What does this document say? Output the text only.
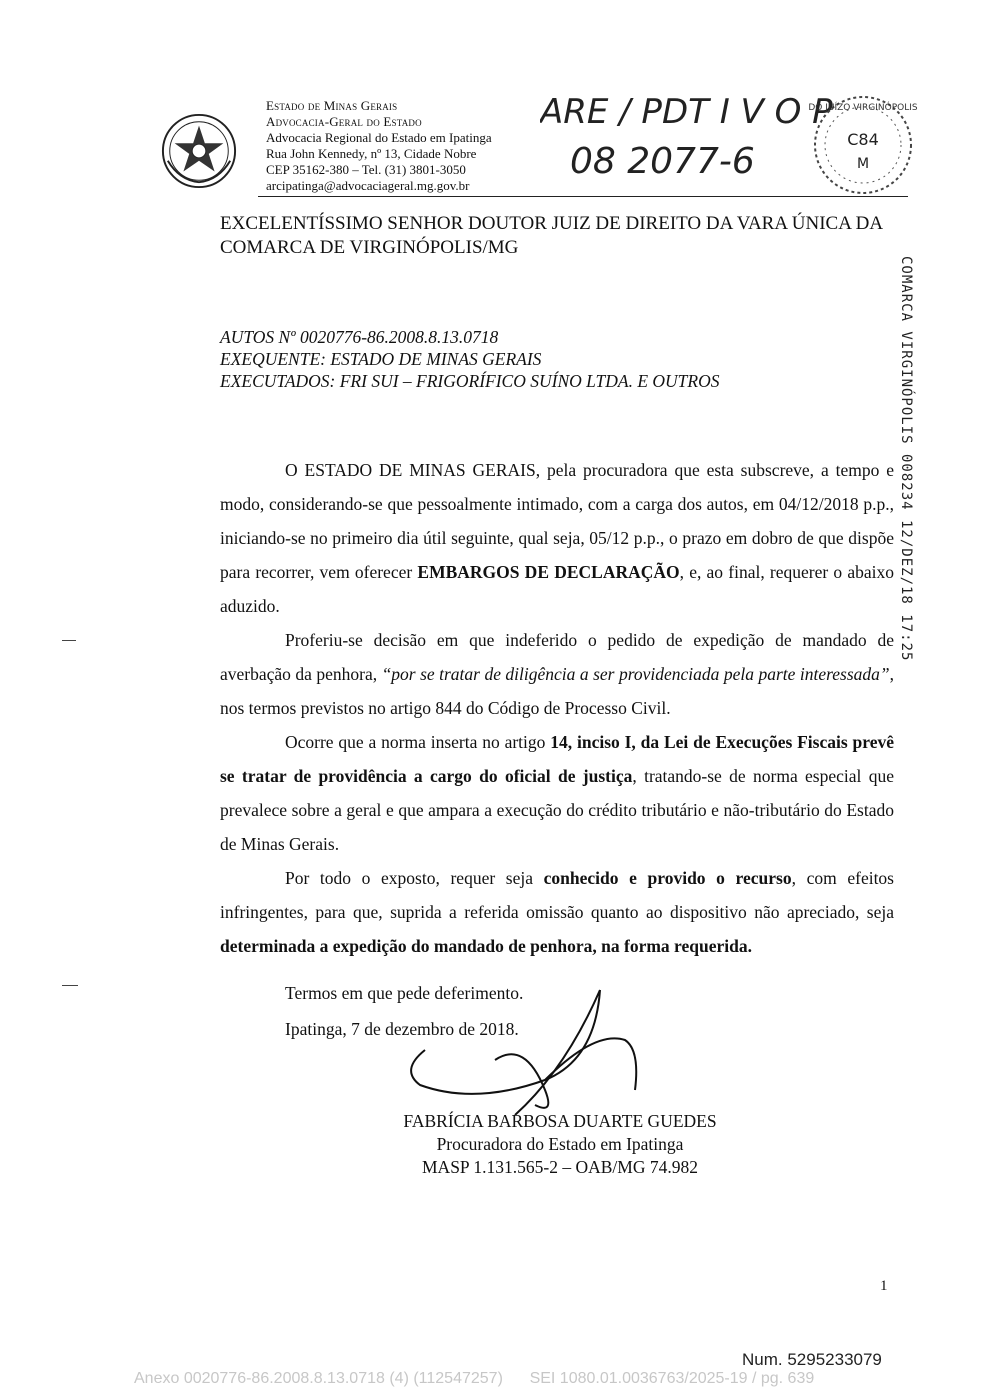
Estado de Minas Gerais
Advocacia-Geral do Estado
Advocacia Regional do Estado em Ipatinga
Rua John Kennedy, nº 13, Cidade Nobre
CEP 35162-380 – Tel. (31) 3801-3050
arcipatinga@advocaciageral.mg.gov.br
ARE / PDT I V O P
08 2077-6
DO JUÍZO VIRGINÓPOLIS
C84
M
COMARCA VIRGINÓPOLIS 008234 12/DEZ/18 17:25
EXCELENTÍSSIMO SENHOR DOUTOR JUIZ DE DIREITO DA VARA ÚNICA DA COMARCA DE VIRGINÓPOLIS/MG
AUTOS Nº 0020776-86.2008.8.13.0718
EXEQUENTE: ESTADO DE MINAS GERAIS
EXECUTADOS: FRI SUI – FRIGORÍFICO SUÍNO LTDA. E OUTROS

O ESTADO DE MINAS GERAIS, pela procuradora que esta subscreve, a tempo e modo, considerando-se que pessoalmente intimado, com a carga dos autos, em 04/12/2018 p.p., iniciando-se no primeiro dia útil seguinte, qual seja, 05/12 p.p., o prazo em dobro de que dispõe para recorrer, vem oferecer EMBARGOS DE DECLARAÇÃO, e, ao final, requerer o abaixo aduzido.

Proferiu-se decisão em que indeferido o pedido de expedição de mandado de averbação da penhora, “por se tratar de diligência a ser providenciada pela parte interessada”, nos termos previstos no artigo 844 do Código de Processo Civil.

Ocorre que a norma inserta no artigo 14, inciso I, da Lei de Execuções Fiscais prevê se tratar de providência a cargo do oficial de justiça, tratando-se de norma especial que prevalece sobre a geral e que ampara a execução do crédito tributário e não-tributário do Estado de Minas Gerais.

Por todo o exposto, requer seja conhecido e provido o recurso, com efeitos infringentes, para que, suprida a referida omissão quanto ao dispositivo não apreciado, seja determinada a expedição do mandado de penhora, na forma requerida.

Termos em que pede deferimento.
Ipatinga, 7 de dezembro de 2018.
FABRÍCIA BARBOSA DUARTE GUEDES
Procuradora do Estado em Ipatinga
MASP 1.131.565-2 – OAB/MG 74.982
1
Num. 5295233079
Anexo 0020776-86.2008.8.13.0718 (4) (112547257)      SEI 1080.01.0036763/2025-19 / pg. 639
